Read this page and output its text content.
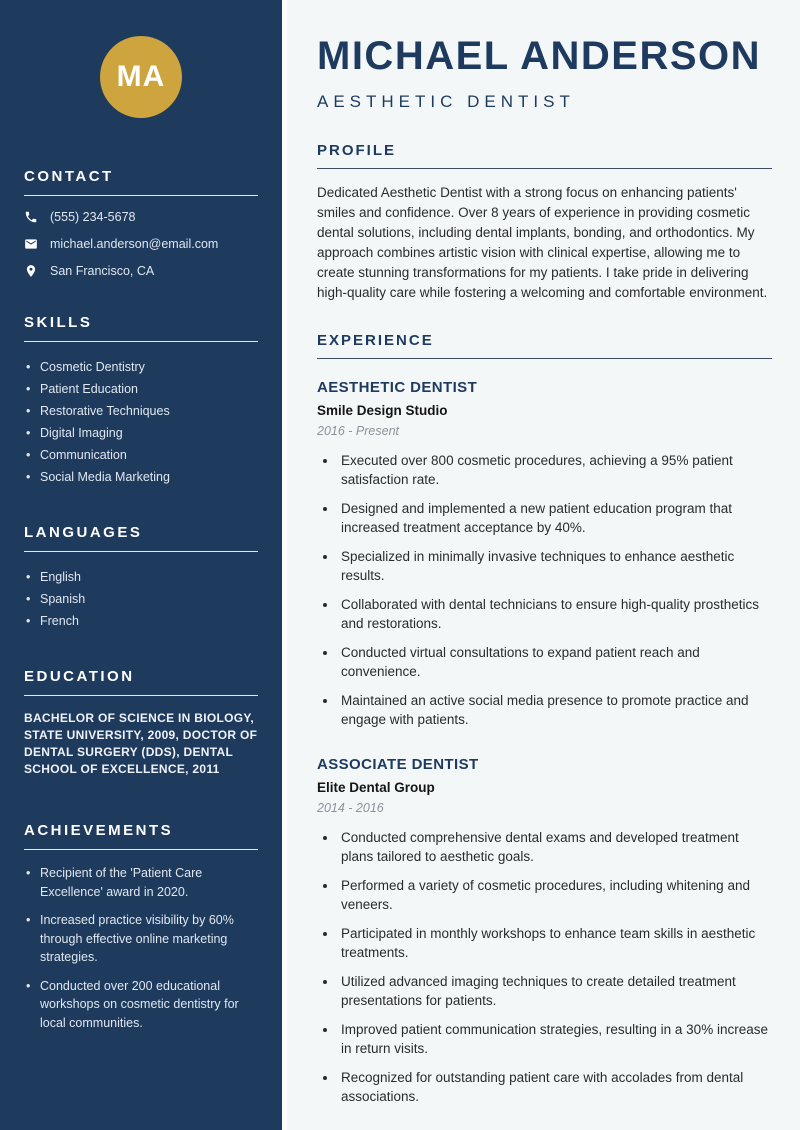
MA
CONTACT
(555) 234-5678
michael.anderson@email.com
San Francisco, CA
SKILLS
• Cosmetic Dentistry
• Patient Education
• Restorative Techniques
• Digital Imaging
• Communication
• Social Media Marketing
LANGUAGES
• English
• Spanish
• French
EDUCATION

BACHELOR OF SCIENCE IN BIOLOGY, STATE UNIVERSITY, 2009, DOCTOR OF DENTAL SURGERY (DDS), DENTAL SCHOOL OF EXCELLENCE, 2011

ACHIEVEMENTS
• Recipient of the 'Patient Care Excellence' award in 2020.
• Increased practice visibility by 60% through effective online marketing strategies.
• Conducted over 200 educational workshops on cosmetic dentistry for local communities.
MICHAEL ANDERSON
AESTHETIC DENTIST
PROFILE

Dedicated Aesthetic Dentist with a strong focus on enhancing patients' smiles and confidence. Over 8 years of experience in providing cosmetic dental solutions, including dental implants, bonding, and orthodontics. My approach combines artistic vision with clinical expertise, allowing me to create stunning transformations for my patients. I take pride in delivering high-quality care while fostering a welcoming and comfortable environment.

EXPERIENCE
AESTHETIC DENTIST
Smile Design Studio
2016 - Present
• Executed over 800 cosmetic procedures, achieving a 95% patient satisfaction rate.
• Designed and implemented a new patient education program that increased treatment acceptance by 40%.
• Specialized in minimally invasive techniques to enhance aesthetic results.
• Collaborated with dental technicians to ensure high-quality prosthetics and restorations.
• Conducted virtual consultations to expand patient reach and convenience.
• Maintained an active social media presence to promote practice and engage with patients.
ASSOCIATE DENTIST
Elite Dental Group
2014 - 2016
• Conducted comprehensive dental exams and developed treatment plans tailored to aesthetic goals.
• Performed a variety of cosmetic procedures, including whitening and veneers.
• Participated in monthly workshops to enhance team skills in aesthetic treatments.
• Utilized advanced imaging techniques to create detailed treatment presentations for patients.
• Improved patient communication strategies, resulting in a 30% increase in return visits.
• Recognized for outstanding patient care with accolades from dental associations.
